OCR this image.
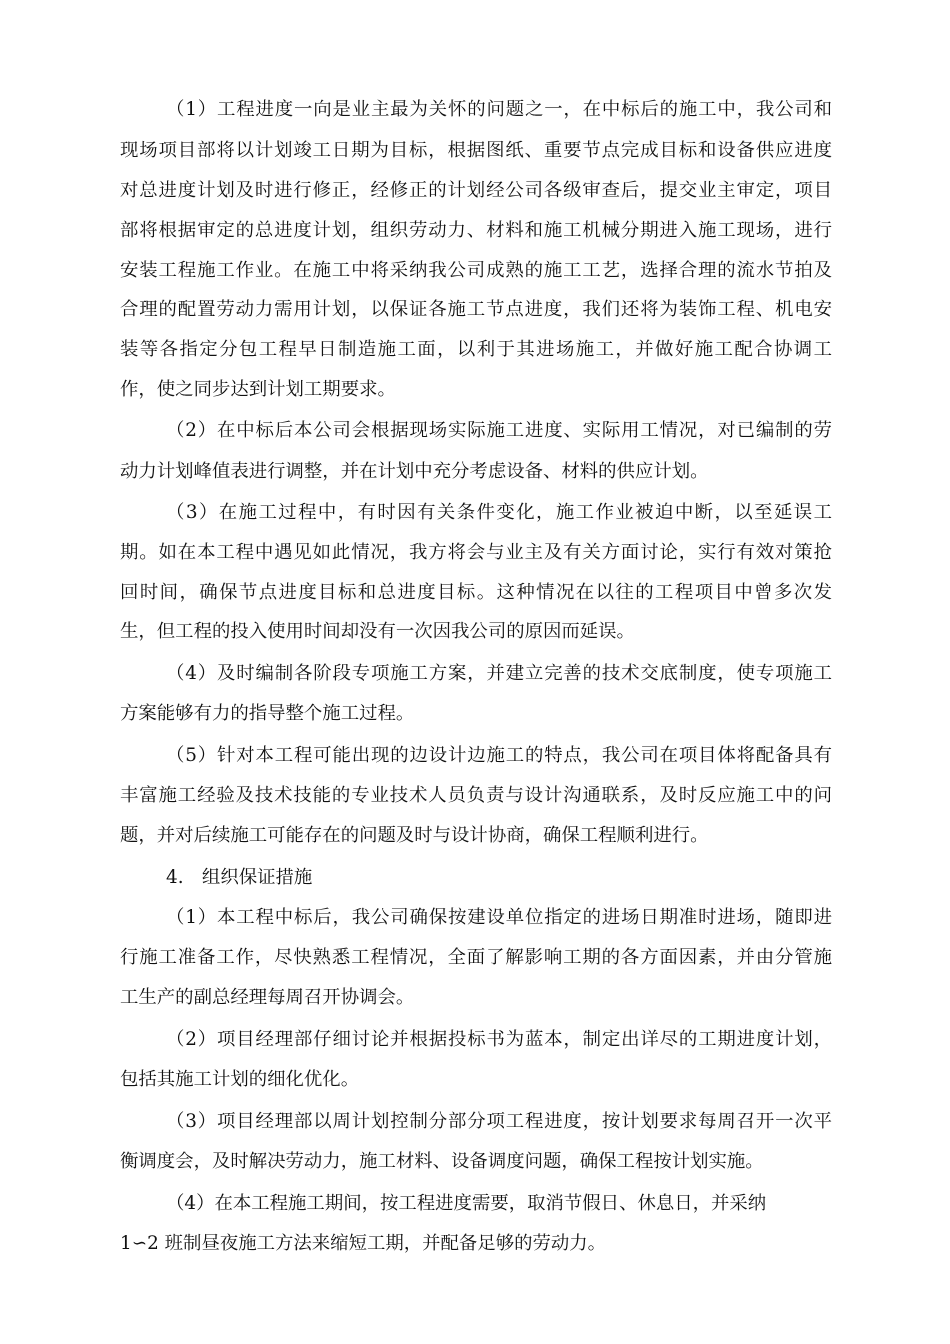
（1）工程进度一向是业主最为关怀的问题之一，在中标后的施工中，我公司和
现场项目部将以计划竣工日期为目标，根据图纸、重要节点完成目标和设备供应进度
对总进度计划及时进行修正，经修正的计划经公司各级审查后，提交业主审定，项目
部将根据审定的总进度计划，组织劳动力、材料和施工机械分期进入施工现场，进行
安装工程施工作业。在施工中将采纳我公司成熟的施工工艺，选择合理的流水节拍及
合理的配置劳动力需用计划，以保证各施工节点进度，我们还将为装饰工程、机电安
装等各指定分包工程早日制造施工面，以利于其进场施工，并做好施工配合协调工
作，使之同步达到计划工期要求。
（2）在中标后本公司会根据现场实际施工进度、实际用工情况，对已编制的劳
动力计划峰值表进行调整，并在计划中充分考虑设备、材料的供应计划。
（3）在施工过程中，有时因有关条件变化，施工作业被迫中断，以至延误工
期。如在本工程中遇见如此情况，我方将会与业主及有关方面讨论，实行有效对策抢
回时间，确保节点进度目标和总进度目标。这种情况在以往的工程项目中曾多次发
生，但工程的投入使用时间却没有一次因我公司的原因而延误。
（4）及时编制各阶段专项施工方案，并建立完善的技术交底制度，使专项施工
方案能够有力的指导整个施工过程。
（5）针对本工程可能出现的边设计边施工的特点，我公司在项目体将配备具有
丰富施工经验及技术技能的专业技术人员负责与设计沟通联系，及时反应施工中的问
题，并对后续施工可能存在的问题及时与设计协商，确保工程顺利进行。
4.　组织保证措施
（1）本工程中标后，我公司确保按建设单位指定的进场日期准时进场，随即进
行施工准备工作，尽快熟悉工程情况，全面了解影响工期的各方面因素，并由分管施
工生产的副总经理每周召开协调会。
（2）项目经理部仔细讨论并根据投标书为蓝本，制定出详尽的工期进度计划，
包括其施工计划的细化优化。
（3）项目经理部以周计划控制分部分项工程进度，按计划要求每周召开一次平
衡调度会，及时解决劳动力，施工材料、设备调度问题，确保工程按计划实施。
（4）在本工程施工期间，按工程进度需要，取消节假日、休息日，并采纳
1∽2 班制昼夜施工方法来缩短工期，并配备足够的劳动力。
